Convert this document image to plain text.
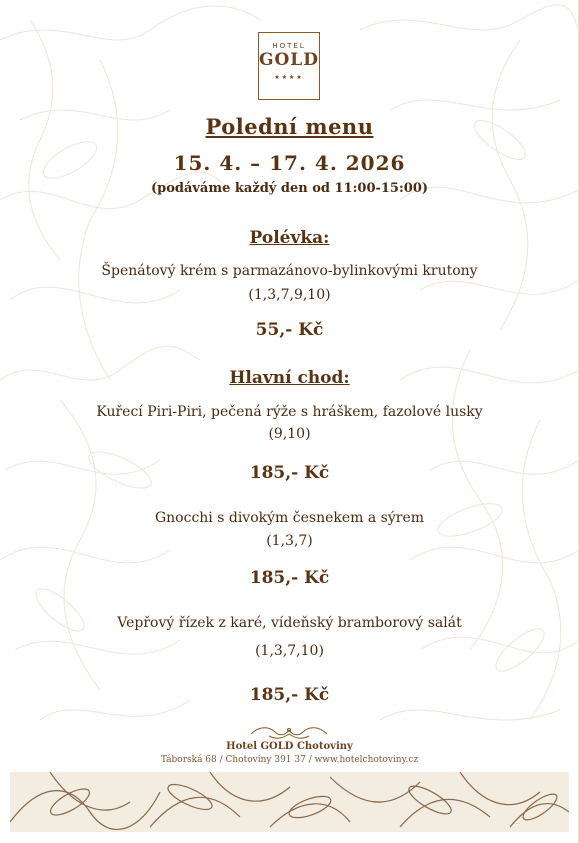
HOTEL
GOLD
★★★★
Polední menu
15. 4. – 17. 4. 2026
(podáváme každý den od 11:00-15:00)
Polévka:
Špenátový krém s parmazánovo-bylinkovými krutony
(1,3,7,9,10)
55,- Kč
Hlavní chod:
Kuřecí Piri-Piri, pečená rýže s hráškem, fazolové lusky
(9,10)
185,- Kč
Gnocchi s divokým česnekem a sýrem
(1,3,7)
185,- Kč
Vepřový řízek z karé, vídeňský bramborový salát
(1,3,7,10)
185,- Kč
Hotel GOLD Chotoviny
Táborská 68 / Chotoviny 391 37 / www.hotelchotoviny.cz
